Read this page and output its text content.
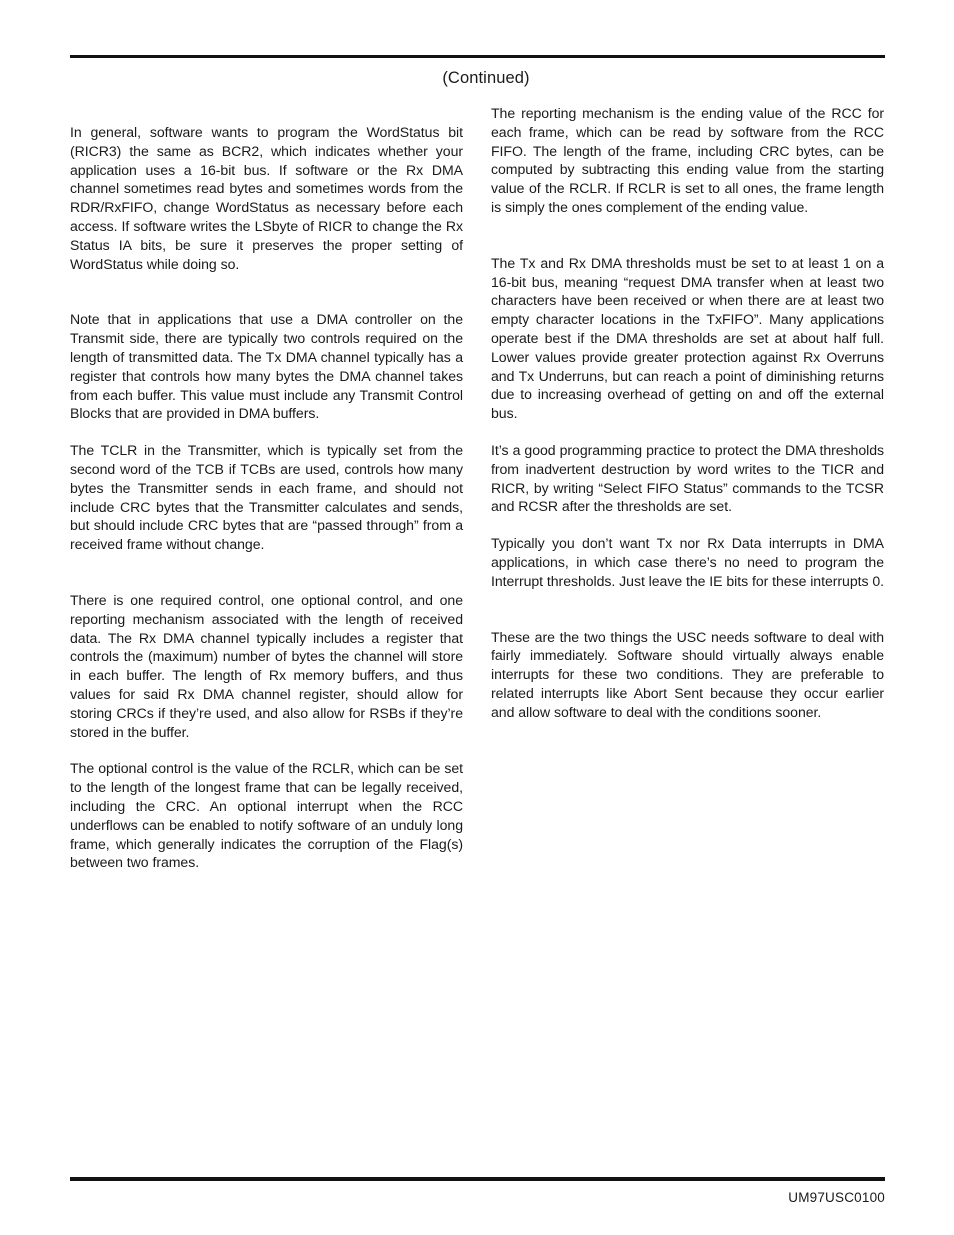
(Continued)

In general, software wants to program the WordStatus bit (RICR3) the same as BCR2, which indicates whether your application uses a 16-bit bus. If software or the Rx DMA channel sometimes read bytes and sometimes words from the RDR/RxFIFO, change WordStatus as necessary before each access. If software writes the LSbyte of RICR to change the Rx Status IA bits, be sure it preserves the proper setting of WordStatus while doing so.

Note that in applications that use a DMA controller on the Transmit side, there are typically two controls required on the length of transmitted data. The Tx DMA channel typically has a register that controls how many bytes the DMA channel takes from each buffer. This value must include any Transmit Control Blocks that are provided in DMA buffers.

The TCLR in the Transmitter, which is typically set from the second word of the TCB if TCBs are used, controls how many bytes the Transmitter sends in each frame, and should not include CRC bytes that the Transmitter calculates and sends, but should include CRC bytes that are “passed through” from a received frame without change.

There is one required control, one optional control, and one reporting mechanism associated with the length of received data. The Rx DMA channel typically includes a register that controls the (maximum) number of bytes the channel will store in each buffer. The length of Rx memory buffers, and thus values for said Rx DMA channel register, should allow for storing CRCs if they’re used, and also allow for RSBs if they’re stored in the buffer.

The optional control is the value of the RCLR, which can be set to the length of the longest frame that can be legally received, including the CRC. An optional interrupt when the RCC underflows can be enabled to notify software of an unduly long frame, which generally indicates the corruption of the Flag(s) between two frames.

The reporting mechanism is the ending value of the RCC for each frame, which can be read by software from the RCC FIFO. The length of the frame, including CRC bytes, can be computed by subtracting this ending value from the starting value of the RCLR. If RCLR is set to all ones, the frame length is simply the ones complement of the ending value.

The Tx and Rx DMA thresholds must be set to at least 1 on a 16-bit bus, meaning “request DMA transfer when at least two characters have been received or when there are at least two empty character locations in the TxFIFO”. Many applications operate best if the DMA thresholds are set at about half full. Lower values provide greater protection against Rx Overruns and Tx Underruns, but can reach a point of diminishing returns due to increasing overhead of getting on and off the external bus.

It’s a good programming practice to protect the DMA thresholds from inadvertent destruction by word writes to the TICR and RICR, by writing “Select FIFO Status” commands to the TCSR and RCSR after the thresholds are set.

Typically you don’t want Tx nor Rx Data interrupts in DMA applications, in which case there’s no need to program the Interrupt thresholds. Just leave the IE bits for these interrupts 0.

These are the two things the USC needs software to deal with fairly immediately. Software should virtually always enable interrupts for these two conditions. They are preferable to related interrupts like Abort Sent because they occur earlier and allow software to deal with the conditions sooner.

UM97USC0100
